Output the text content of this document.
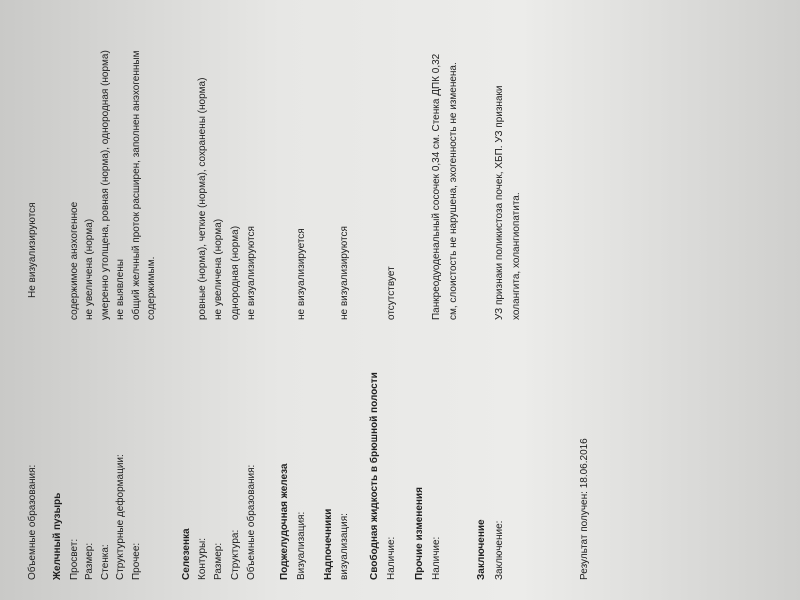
Объемные образования:
Не визуализируются
Желчный пузырь Просвет:
содержимое анэхогенное
Размер:
не увеличена (норма)
Стенка:
умеренно утолщена, ровная (норма), однородная (норма)
Структурные деформации:
не выявлены
Прочее:
общий желчный проток расширен, заполнен анэхогенным содержимым.
Селезенка Контуры:
ровные (норма), четкие (норма), сохранены (норма)
Размер:
не увеличена (норма)
Структура:
однородная (норма)
Объемные образования:
не визуализируются
Поджелудочная железа Визуализация:
не визуализируется
Надпочечники визуализация:
не визуализируются
Свободная жидкость в брюшной полости Наличие:
отсутствует
Прочие изменения Наличие:
Панкреодуоденальный сосочек 0,34 см. Стенка ДПК 0,32 см, слоистость не нарушена, эхогенность не изменена.
Заключение Заключение:
УЗ признаки поликистоза почек, ХБП. УЗ признаки холангита, холангиопатита.
Результат получен: 18.06.2016
